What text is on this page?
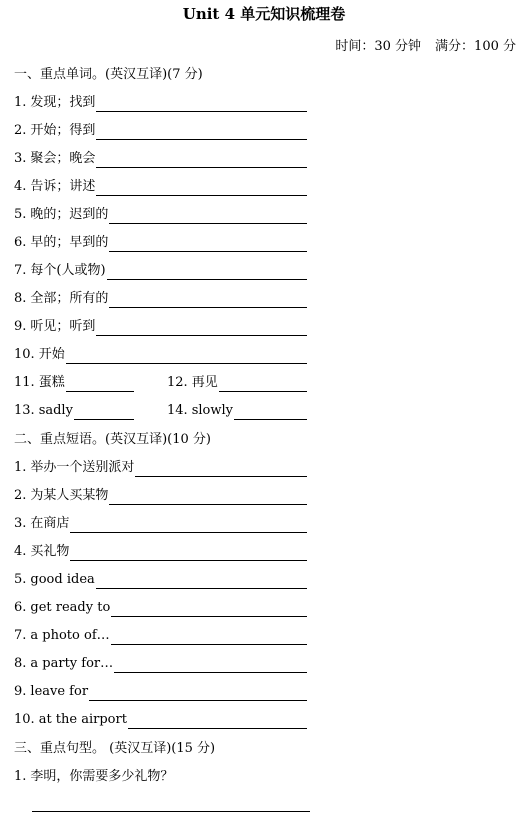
Unit 4 单元知识梳理卷
时间：30 分钟 满分：100 分
一、重点单词。(英汉互译)(7 分)
1. 发现；找到
2. 开始；得到
3. 聚会；晚会
4. 告诉；讲述
5. 晚的；迟到的
6. 早的；早到的
7. 每个(人或物)
8. 全部；所有的
9. 听见；听到
10. 开始
11. 蛋糕	12. 再见
13. sadly	14. slowly
二、重点短语。(英汉互译)(10 分)
1. 举办一个送别派对
2. 为某人买某物
3. 在商店
4. 买礼物
5. good idea
6. get ready to
7. a photo of…
8. a party for…
9. leave for
10. at the airport
三、重点句型。 (英汉互译)(15 分)
1. 李明，你需要多少礼物？
